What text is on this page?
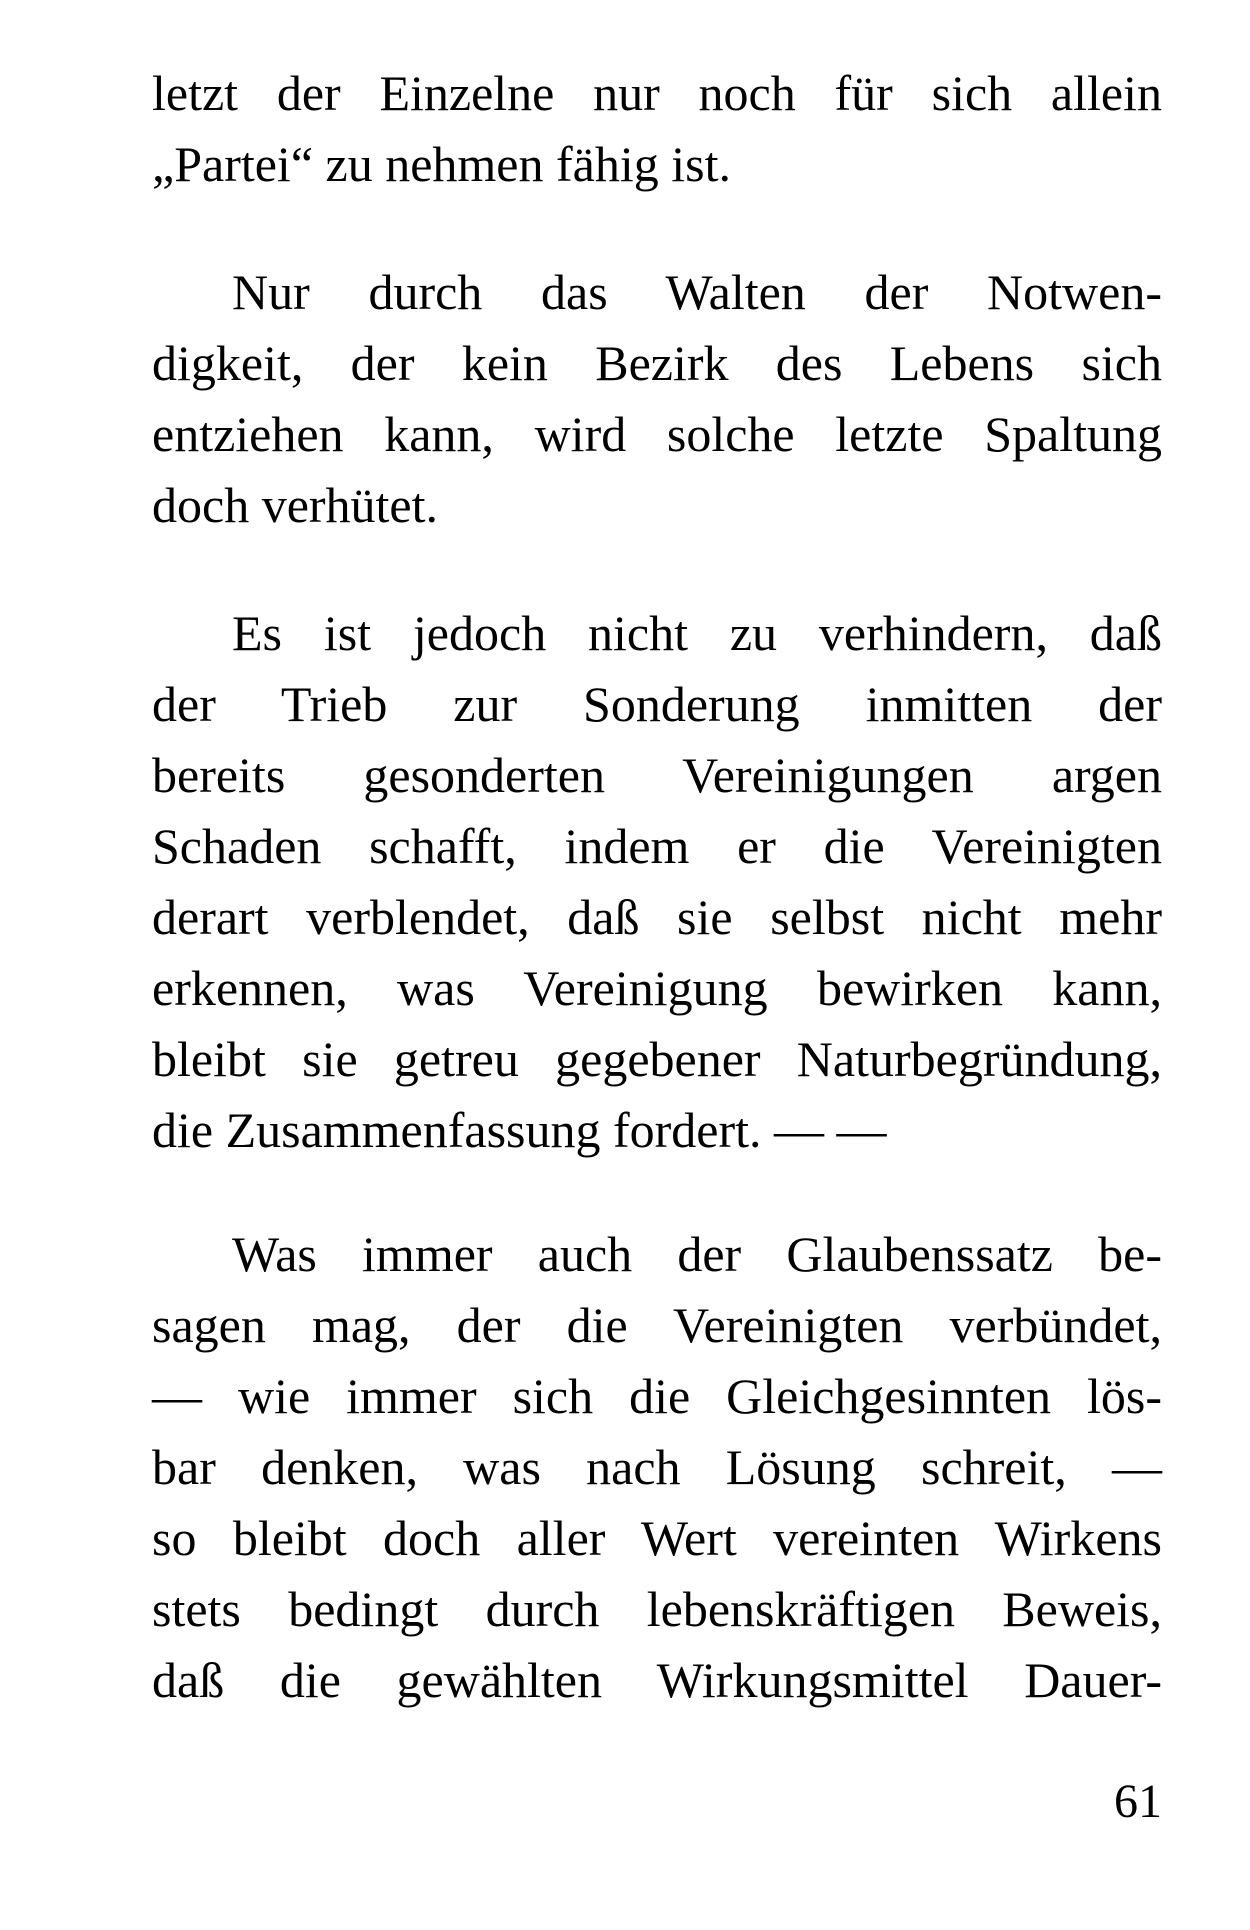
letzt der Einzelne nur noch für sich allein
„Partei“ zu nehmen fähig ist.
Nur durch das Walten der Notwen-
digkeit, der kein Bezirk des Lebens sich
entziehen kann, wird solche letzte Spaltung
doch verhütet.
Es ist jedoch nicht zu verhindern, daß
der Trieb zur Sonderung inmitten der
bereits gesonderten Vereinigungen argen
Schaden schafft, indem er die Vereinigten
derart verblendet, daß sie selbst nicht mehr
erkennen, was Vereinigung bewirken kann,
bleibt sie getreu gegebener Naturbegründung,
die Zusammenfassung fordert. — —
Was immer auch der Glaubenssatz be-
sagen mag, der die Vereinigten verbündet,
— wie immer sich die Gleichgesinnten lös-
bar denken, was nach Lösung schreit, —
so bleibt doch aller Wert vereinten Wirkens
stets bedingt durch lebenskräftigen Beweis,
daß die gewählten Wirkungsmittel Dauer-
61
